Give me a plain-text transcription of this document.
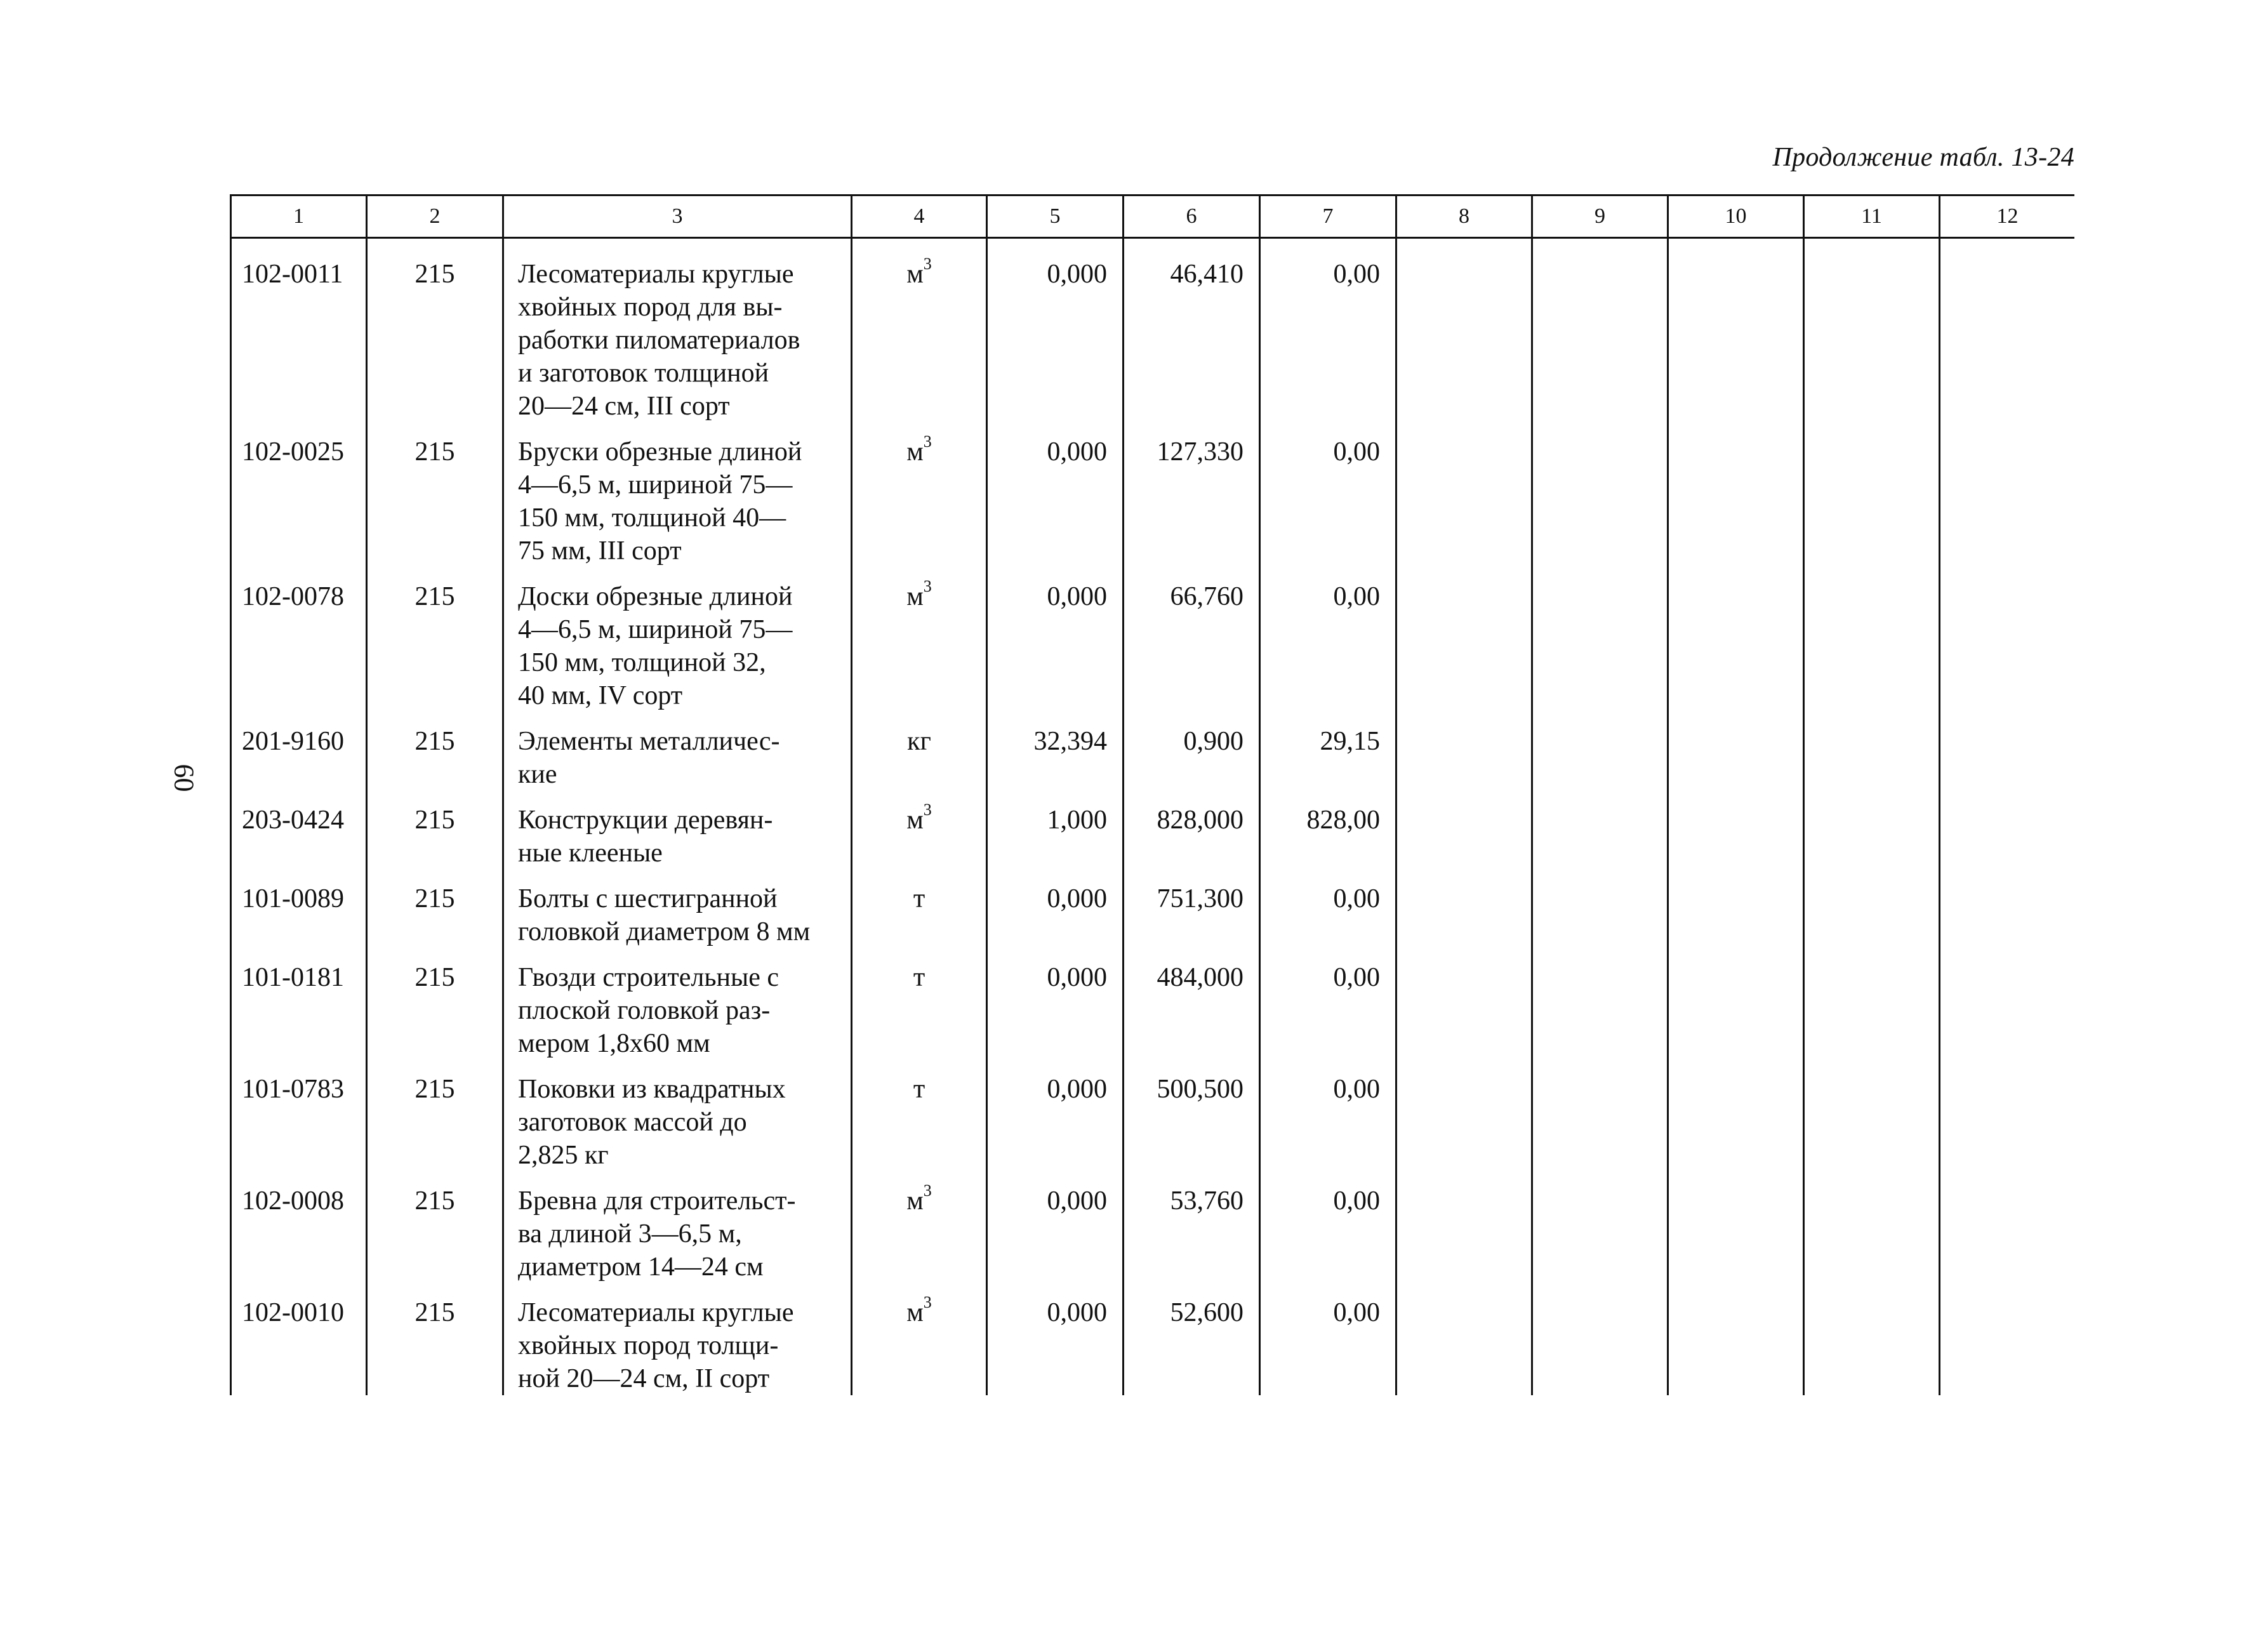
Продолжение табл. 13-24
60
1	2	3	4	5	6	7	8	9	10	11	12
102-0011	215	Лесоматериалы круглые
хвойных пород для вы-
работки пиломатериалов
и заготовок толщиной
20—24 см, III сорт	$м^3$	0,000	46,410	0,00					
102-0025	215	Бруски обрезные длиной
4—6,5 м, шириной 75—
150 мм, толщиной 40—
75 мм, III сорт	$м^3$	0,000	127,330	0,00					
102-0078	215	Доски обрезные длиной
4—6,5 м, шириной 75—
150 мм, толщиной 32,
40 мм, IV сорт	$м^3$	0,000	66,760	0,00					
201-9160	215	Элементы металличес-
кие	кг	32,394	0,900	29,15					
203-0424	215	Конструкции деревян-
ные клееные	$м^3$	1,000	828,000	828,00					
101-0089	215	Болты с шестигранной
головкой диаметром 8 мм	т	0,000	751,300	0,00					
101-0181	215	Гвозди строительные с
плоской головкой раз-
мером 1,8х60 мм	т	0,000	484,000	0,00					
101-0783	215	Поковки из квадратных
заготовок массой до
2,825 кг	т	0,000	500,500	0,00					
102-0008	215	Бревна для строительст-
ва длиной 3—6,5 м,
диаметром 14—24 см	$м^3$	0,000	53,760	0,00					
102-0010	215	Лесоматериалы круглые
хвойных пород толщи-
ной 20—24 см, II сорт	$м^3$	0,000	52,600	0,00					
